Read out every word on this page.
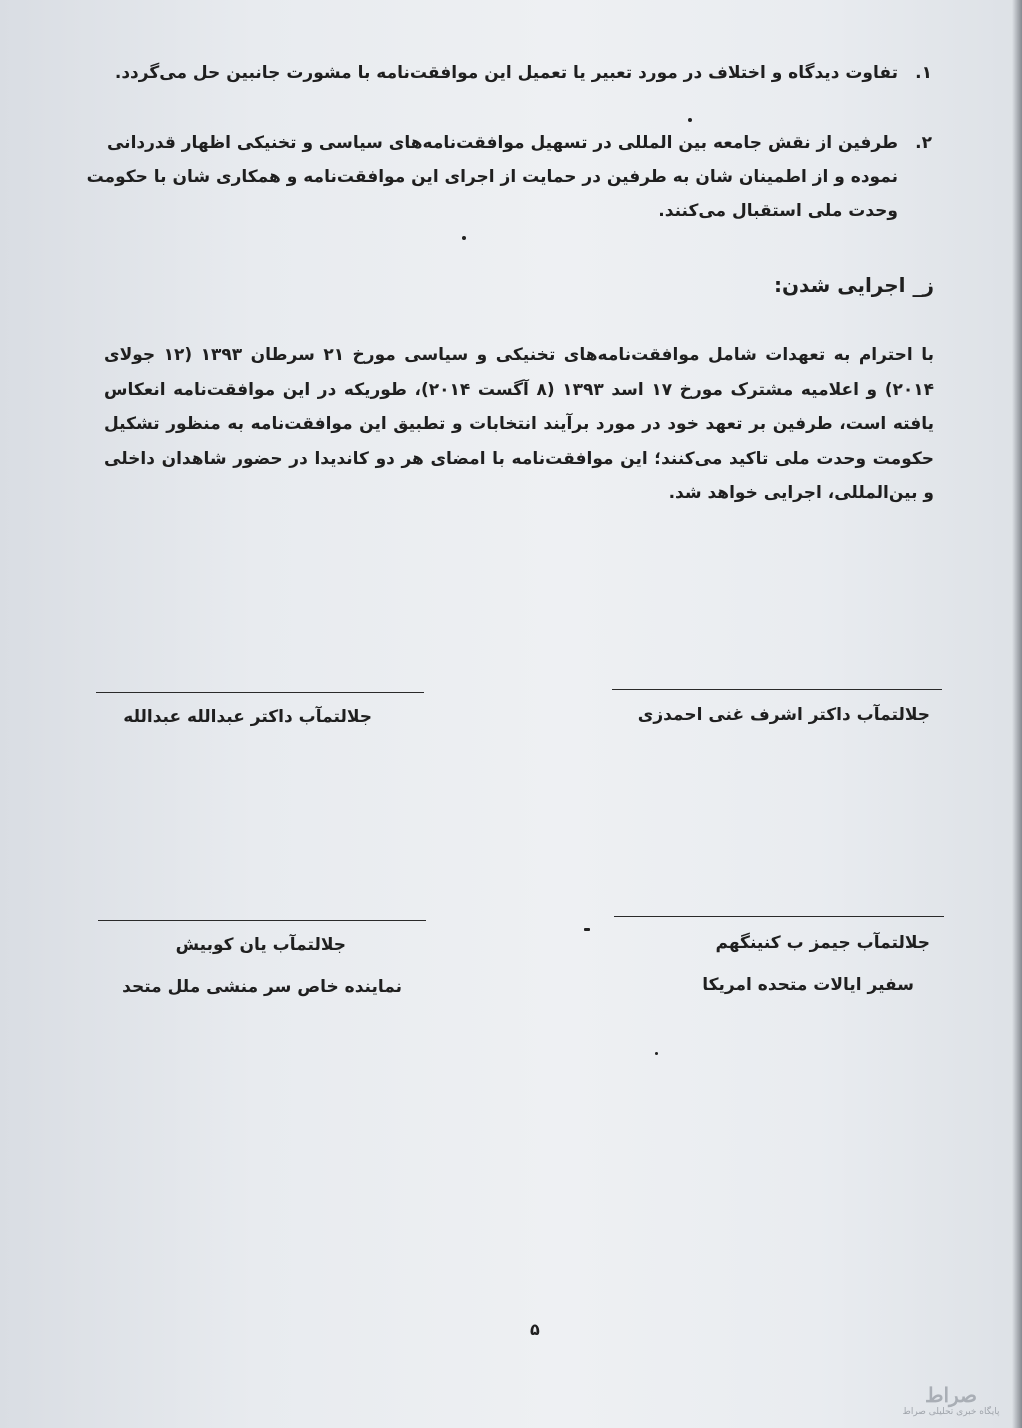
۱.
تفاوت دیدگاه و اختلاف در مورد تعبیر یا تعمیل این موافقت‌نامه با مشورت جانبین حل می‌گردد.
۲.
طرفین از نقش جامعه بین المللی در تسهیل موافقت‌نامه‌های سیاسی و تخنیکی اظهار قدردانی نموده و از اطمینان شان به طرفین در حمایت از اجرای این موافقت‌نامه و همکاری شان با حکومت وحدت ملی استقبال می‌کنند.
ز_ اجرایی شدن:
با احترام به تعهدات شامل موافقت‌نامه‌های تخنیکی و سیاسی مورخ ۲۱ سرطان ۱۳۹۳ (۱۲ جولای ۲۰۱۴) و اعلامیه مشترک مورخ ۱۷ اسد ۱۳۹۳ (۸ آگست ۲۰۱۴)، طوریکه در این موافقت‌نامه انعکاس یافته است، طرفین بر تعهد خود در مورد برآیند انتخابات و تطبیق این موافقت‌نامه به منظور تشکیل حکومت وحدت ملی تاکید می‌کنند؛ این موافقت‌نامه با امضای هر دو کاندیدا در حضور شاهدان داخلی و بین‌المللی، اجرایی خواهد شد.
جلالتمآب داکتر اشرف غنی احمدزی
جلالتمآب داکتر عبدالله عبدالله
جلالتمآب جیمز ب کنینگهم
سفیر ایالات متحده امریکا
جلالتمآب یان کوبیش
نماینده خاص سر منشی ملل متحد
۵
صراط
پایگاه خبری تحلیلی صراط
